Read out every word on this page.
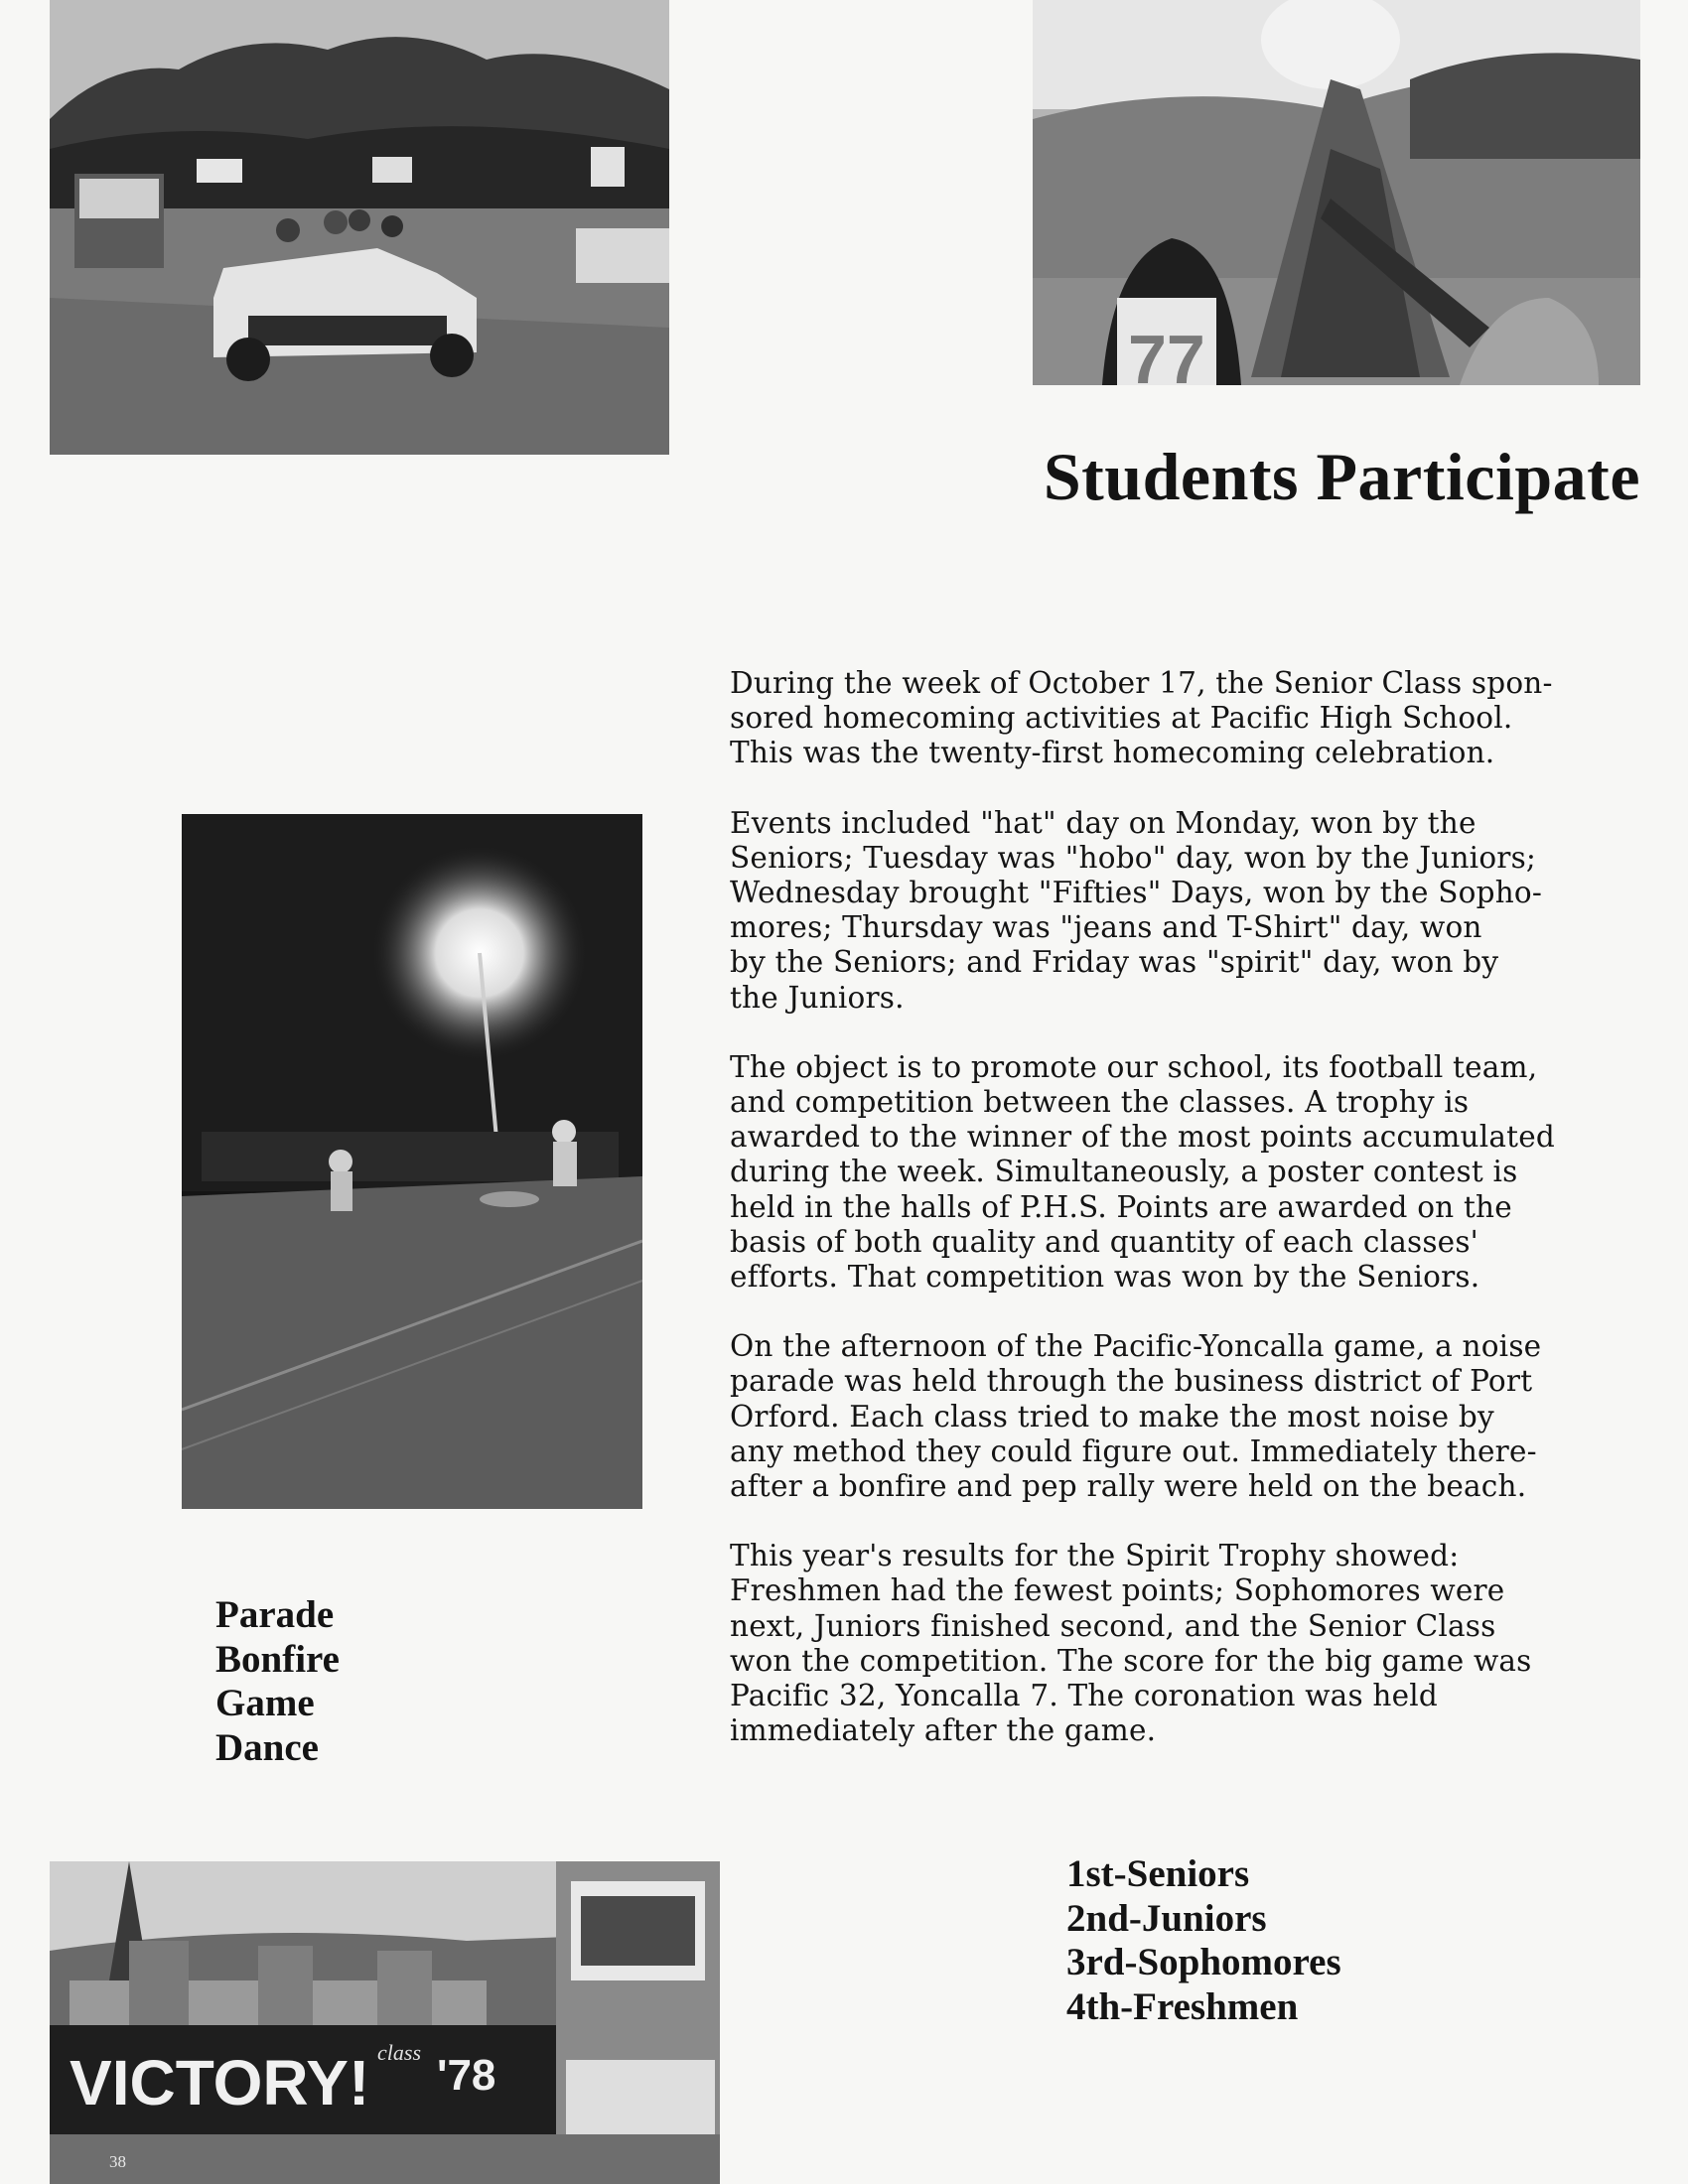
77
VICTORY! class '78
Students Participate

During the week of October 17, the Senior Class spon-
sored homecoming activities at Pacific High School.
This was the twenty-first homecoming celebration.

Events included "hat" day on Monday, won by the
Seniors; Tuesday was "hobo" day, won by the Juniors;
Wednesday brought "Fifties" Days, won by the Sopho-
mores; Thursday was "jeans and T-Shirt" day, won
by the Seniors; and Friday was "spirit" day, won by
the Juniors.

The object is to promote our school, its football team,
and competition between the classes. A trophy is
awarded to the winner of the most points accumulated
during the week. Simultaneously, a poster contest is
held in the halls of P.H.S. Points are awarded on the
basis of both quality and quantity of each classes'
efforts. That competition was won by the Seniors.

On the afternoon of the Pacific-Yoncalla game, a noise
parade was held through the business district of Port
Orford. Each class tried to make the most noise by
any method they could figure out. Immediately there-
after a bonfire and pep rally were held on the beach.

This year's results for the Spirit Trophy showed:
Freshmen had the fewest points; Sophomores were
next, Juniors finished second, and the Senior Class
won the competition. The score for the big game was
Pacific 32, Yoncalla 7. The coronation was held
immediately after the game.

Parade
Bonfire
Game
Dance
1st-Seniors
2nd-Juniors
3rd-Sophomores
4th-Freshmen
38
